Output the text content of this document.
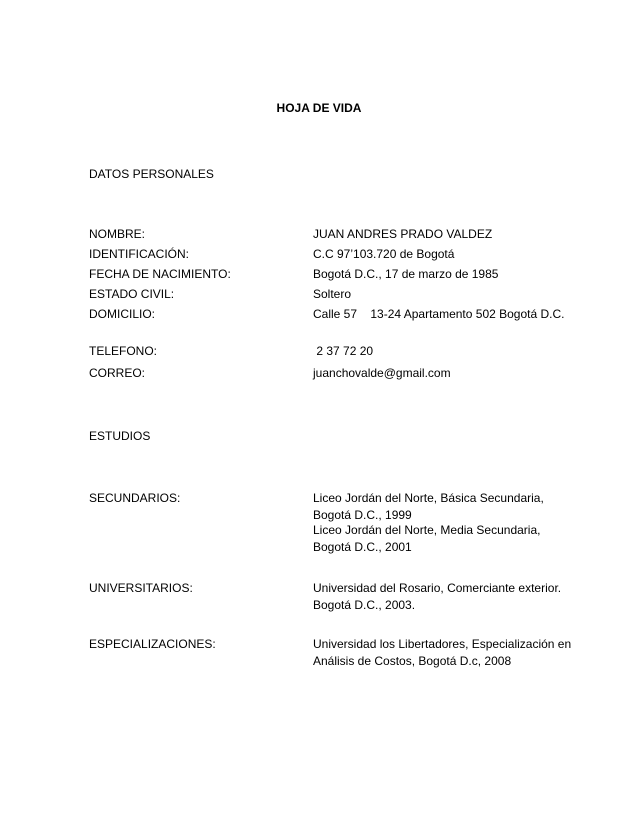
HOJA DE VIDA
DATOS PERSONALES
NOMBRE:	JUAN ANDRES PRADO VALDEZ
IDENTIFICACIÓN:	C.C 97’103.720 de Bogotá
FECHA DE NACIMIENTO:	Bogotá D.C., 17 de marzo de 1985
ESTADO CIVIL:	Soltero
DOMICILIO:	Calle 57    13-24 Apartamento 502 Bogotá D.C.
TELEFONO:	2 37 72 20
CORREO:	juanchovalde@gmail.com
ESTUDIOS
SECUNDARIOS:	Liceo Jordán del Norte, Básica Secundaria, Bogotá D.C., 1999
Liceo Jordán del Norte, Media Secundaria, Bogotá D.C., 2001
UNIVERSITARIOS:	Universidad del Rosario, Comerciante exterior. Bogotá D.C., 2003.
ESPECIALIZACIONES:	Universidad los Libertadores, Especialización en Análisis de Costos, Bogotá D.c, 2008
